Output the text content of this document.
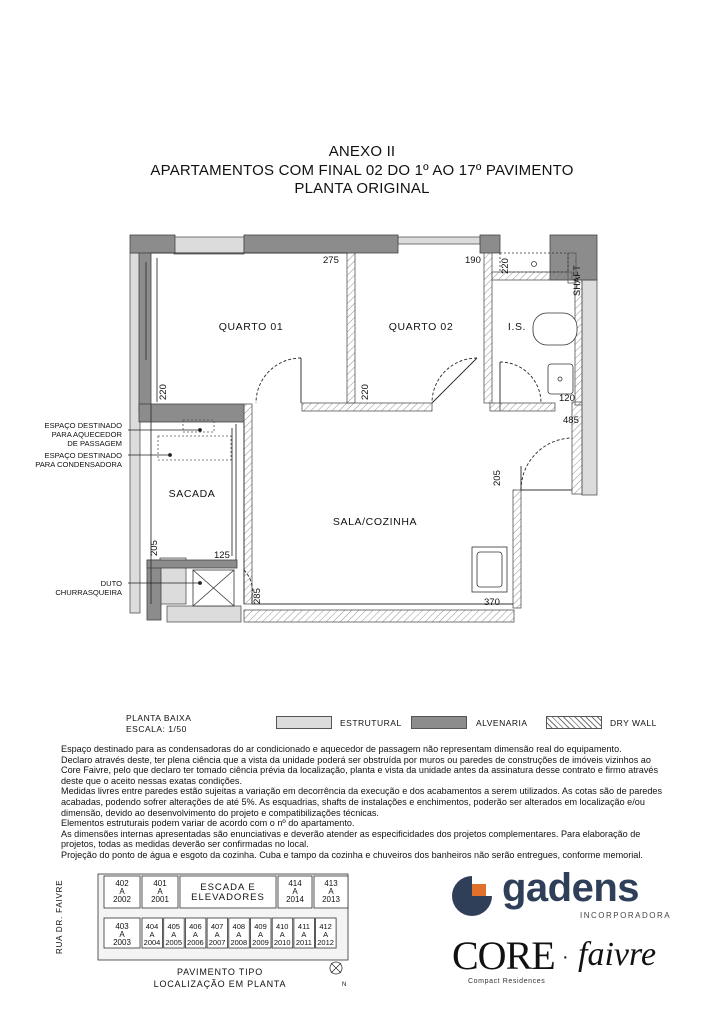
ANEXO II
APARTAMENTOS COM FINAL 02 DO 1º AO 17º PAVIMENTO
PLANTA ORIGINAL
QUARTO 01	QUARTO 02	I.S.
SACADA
SALA/COZINHA
SHAFT
275	190 220
220	220	120
485
205
125
205
285	370
ESPAÇO DESTINADO
PARA AQUECEDOR
DE PASSAGEM
ESPAÇO DESTINADO
PARA CONDENSADORA
DUTO
CHURRASQUEIRA
PLANTA BAIXA
ESCALA: 1/50
ESTRUTURAL	ALVENARIA	DRY WALL

Espaço destinado para as condensadoras do ar condicionado e aquecedor de passagem não representam dimensão real do equipamento.

Declaro através deste, ter plena ciência que a vista da unidade poderá ser obstruída por muros ou paredes de construções de imóveis vizinhos ao Core Faivre, pelo que declaro ter tomado ciência prévia da localização, planta e vista da unidade antes da assinatura desse contrato e firmo através deste que o aceito nessas exatas condições.

Medidas livres entre paredes estão sujeitas a variação em decorrência da execução e dos acabamentos a serem utilizados. As cotas são de paredes acabadas, podendo sofrer alterações de até 5%. As esquadrias, shafts de instalações e enchimentos, poderão ser alterados em localização e/ou dimensão, devido ao desenvolvimento do projeto e compatibilizações técnicas.

Elementos estruturais podem variar de acordo com o nº do apartamento.

As dimensões internas apresentadas são enunciativas e deverão atender as especificidades dos projetos complementares. Para elaboração de projetos, todas as medidas deverão ser confirmadas no local.

Projeção do ponto de água e esgoto da cozinha. Cuba e tampo da cozinha e chuveiros dos banheiros não serão entregues, conforme memorial.

402
A
2002
401
A
2001
414
A
2014
413
A
2013
ESCADA E
ELEVADORES
403
A
2003
404
A
2004
405
A
2005
406
A
2006
407
A
2007
408
A
2008
409
A
2009
410
A
2010
411
A
2011
412
A
2012
RUA DR. FAIVRE
N
PAVIMENTO TIPO
LOCALIZAÇÃO EM PLANTA
gadens
INCORPORADORA
CORE · faivre
Compact Residences
